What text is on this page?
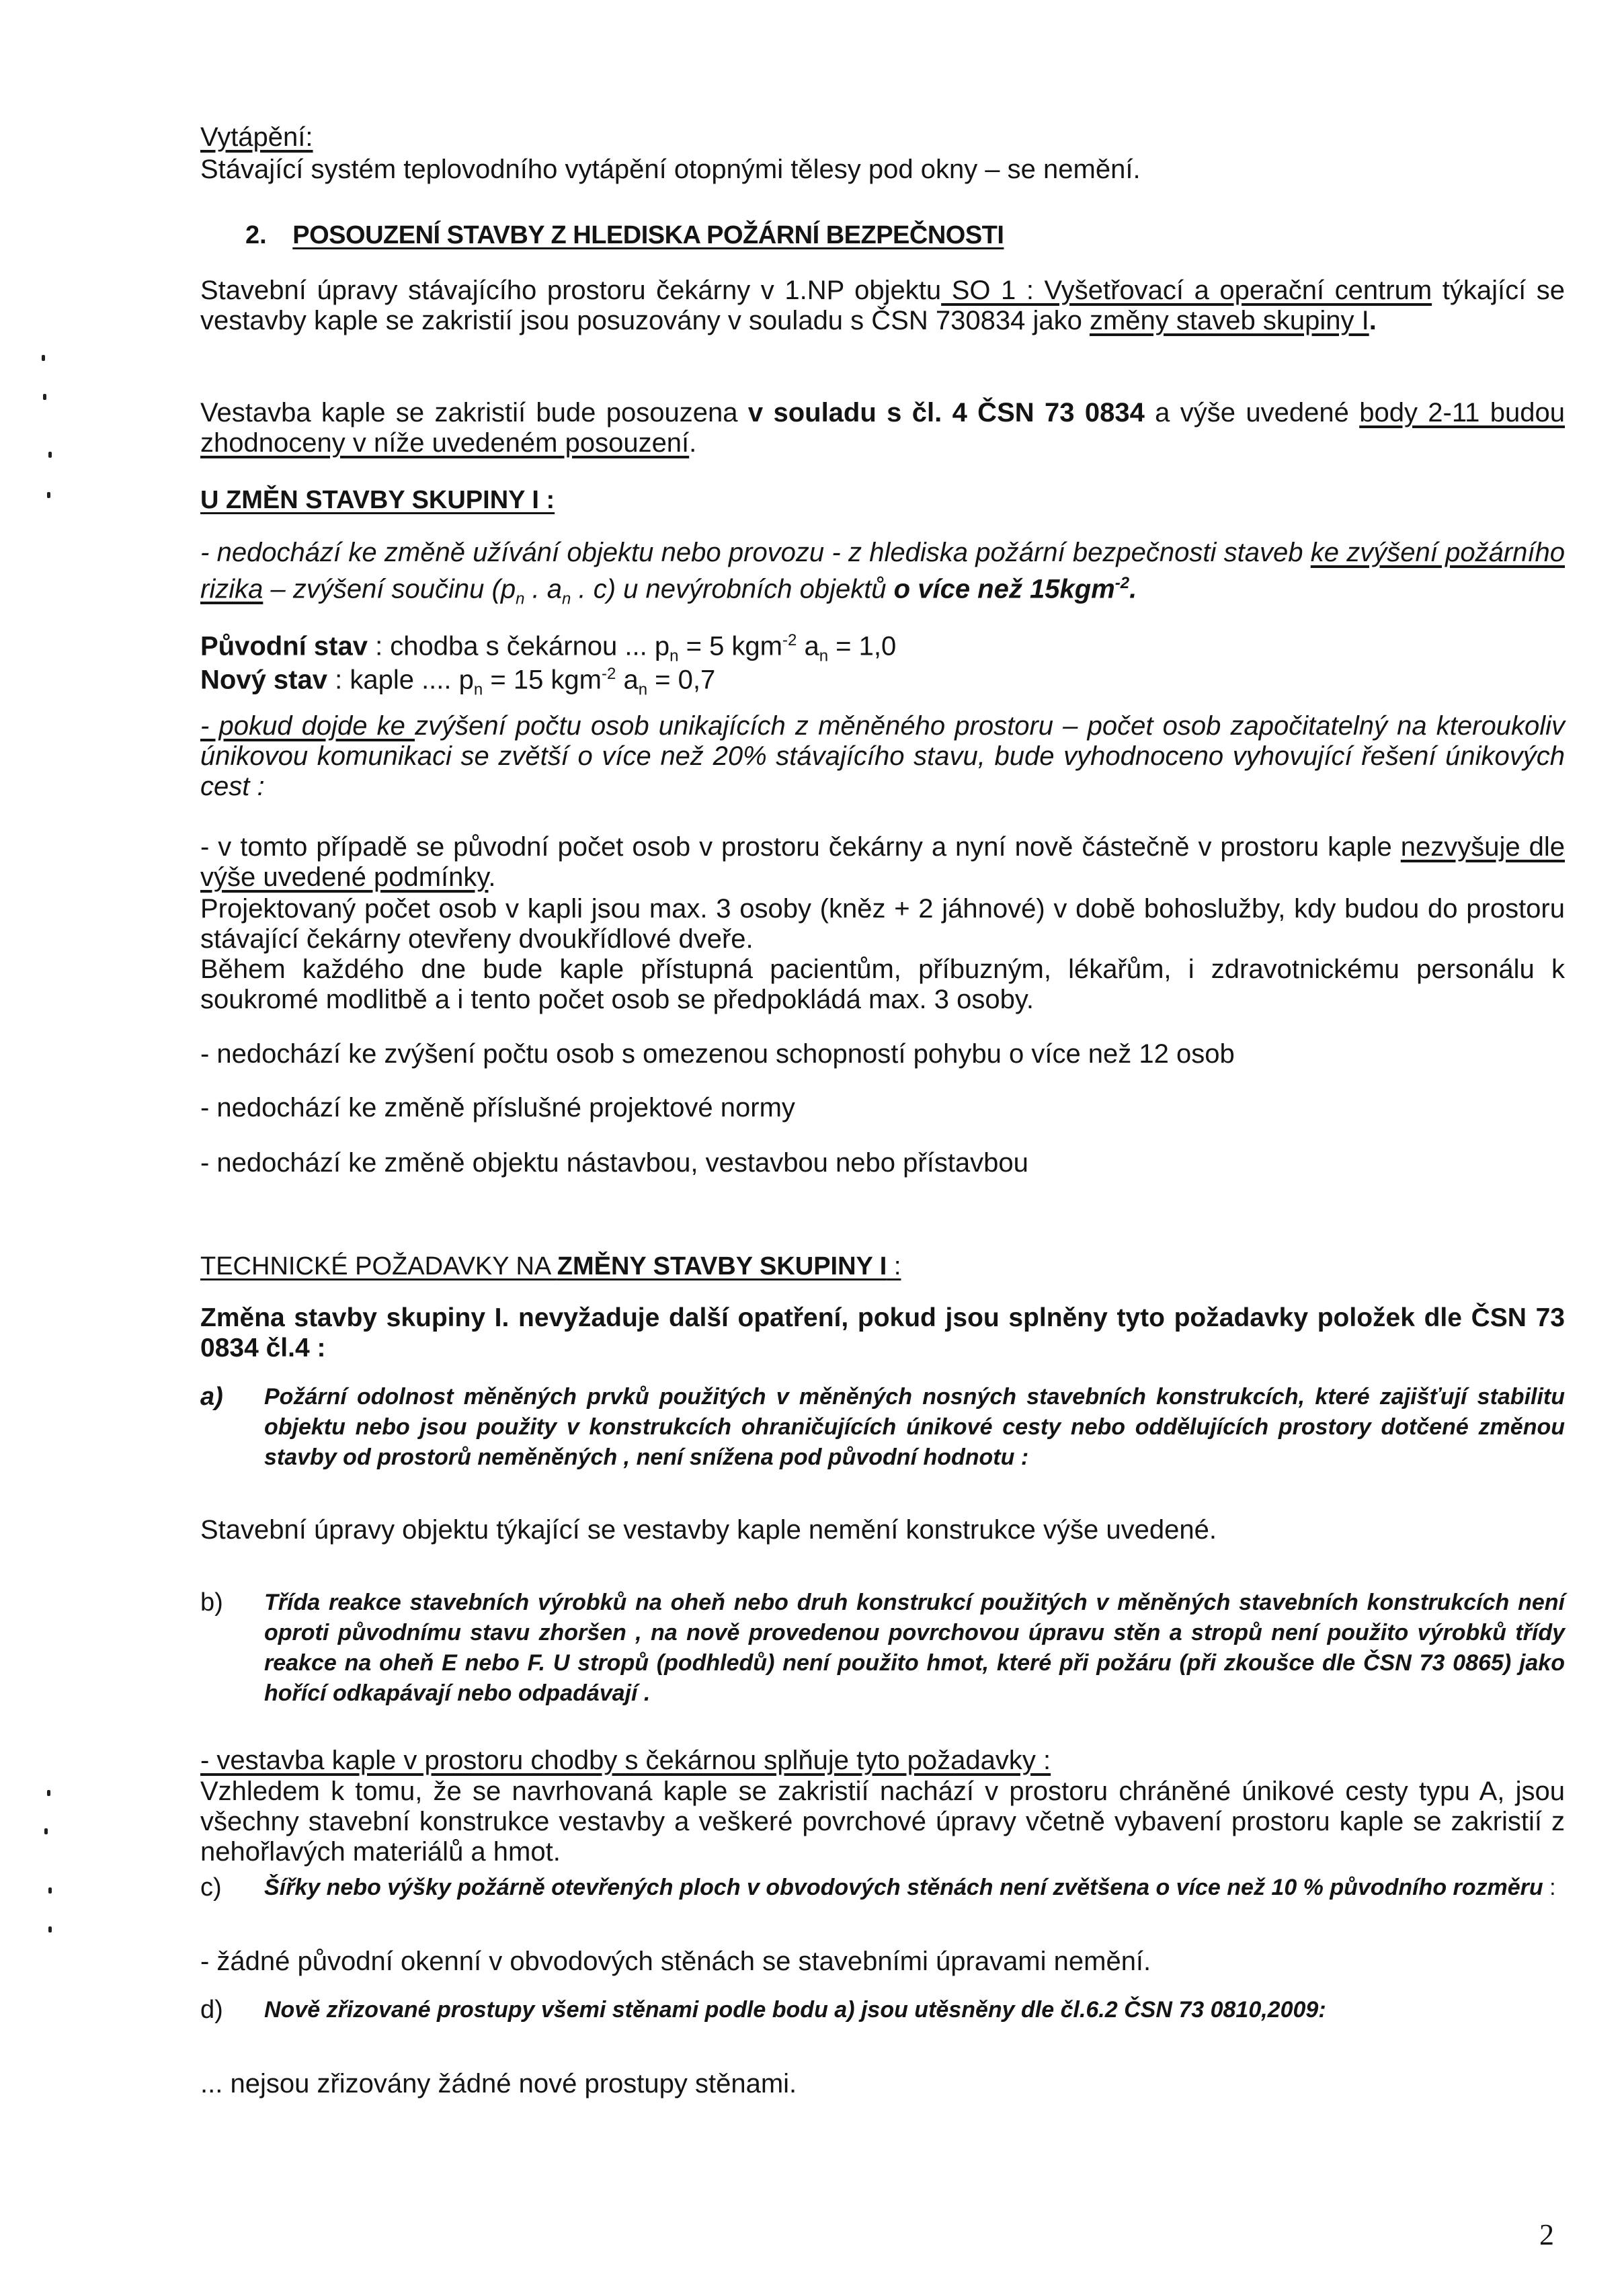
Vytápění:
Stávající systém teplovodního vytápění otopnými tělesy pod okny – se nemění.
2. POSOUZENÍ STAVBY Z HLEDISKA POŽÁRNÍ BEZPEČNOSTI
Stavební úpravy stávajícího prostoru čekárny v 1.NP objektu SO 1 : Vyšetřovací a operační centrum týkající se vestavby kaple se zakristií jsou posuzovány v souladu s ČSN 730834 jako změny staveb skupiny I.
Vestavba kaple se zakristií bude posouzena v souladu s čl. 4 ČSN 73 0834 a výše uvedené body 2-11 budou zhodnoceny v níže uvedeném posouzení.
U ZMĚN STAVBY SKUPINY I :
- nedochází ke změně užívání objektu nebo provozu - z hlediska požární bezpečnosti staveb ke zvýšení požárního rizika – zvýšení součinu ($p_n$ . $a_n$ . c) u nevýrobních objektů o více než 15kgm$^{-2}$.
Původní stav : chodba s čekárnou ... $p_n = 5$ kgm$^{-2}$ $a_n = 1,0$
Nový stav : kaple .... $p_n = 15$ kgm$^{-2}$ $a_n = 0,7$
- pokud dojde ke zvýšení počtu osob unikajících z měněného prostoru – počet osob započitatelný na kteroukoliv únikovou komunikaci se zvětší o více než 20% stávajícího stavu, bude vyhodnoceno vyhovující řešení únikových cest :
- v tomto případě se původní počet osob v prostoru čekárny a nyní nově částečně v prostoru kaple nezvyšuje dle výše uvedené podmínky.
Projektovaný počet osob v kapli jsou max. 3 osoby (kněz + 2 jáhnové) v době bohoslužby, kdy budou do prostoru stávající čekárny otevřeny dvoukřídlové dveře.
Během každého dne bude kaple přístupná pacientům, příbuzným, lékařům, i zdravotnickému personálu k soukromé modlitbě a i tento počet osob se předpokládá max. 3 osoby.
- nedochází ke zvýšení počtu osob s omezenou schopností pohybu o více než 12 osob
- nedochází ke změně příslušné projektové normy
- nedochází ke změně objektu nástavbou, vestavbou nebo přístavbou
TECHNICKÉ POŽADAVKY NA ZMĚNY STAVBY SKUPINY I :
Změna stavby skupiny I. nevyžaduje další opatření, pokud jsou splněny tyto požadavky položek dle ČSN 73 0834 čl.4 :
a) Požární odolnost měněných prvků použitých v měněných nosných stavebních konstrukcích, které zajišťují stabilitu objektu nebo jsou použity v konstrukcích ohraničujících únikové cesty nebo oddělujících prostory dotčené změnou stavby od prostorů neměněných , není snížena pod původní hodnotu :
Stavební úpravy objektu týkající se vestavby kaple nemění konstrukce výše uvedené.
b) Třída reakce stavebních výrobků na oheň nebo druh konstrukcí použitých v měněných stavebních konstrukcích není oproti původnímu stavu zhoršen , na nově provedenou povrchovou úpravu stěn a stropů není použito výrobků třídy reakce na oheň E nebo F. U stropů (podhledů) není použito hmot, které při požáru (při zkoušce dle ČSN 73 0865) jako hořící odkapávají nebo odpadávají .
- vestavba kaple v prostoru chodby s čekárnou splňuje tyto požadavky :
Vzhledem k tomu, že se navrhovaná kaple se zakristií nachází v prostoru chráněné únikové cesty typu A, jsou všechny stavební konstrukce vestavby a veškeré povrchové úpravy včetně vybavení prostoru kaple se zakristií z nehořlavých materiálů a hmot.
c) Šířky nebo výšky požárně otevřených ploch v obvodových stěnách není zvětšena o více než 10 % původního rozměru :
- žádné původní okenní v obvodových stěnách se stavebními úpravami nemění.
d) Nově zřizované prostupy všemi stěnami podle bodu a) jsou utěsněny dle čl.6.2 ČSN 73 0810,2009:
... nejsou zřizovány žádné nové prostupy stěnami.
2
